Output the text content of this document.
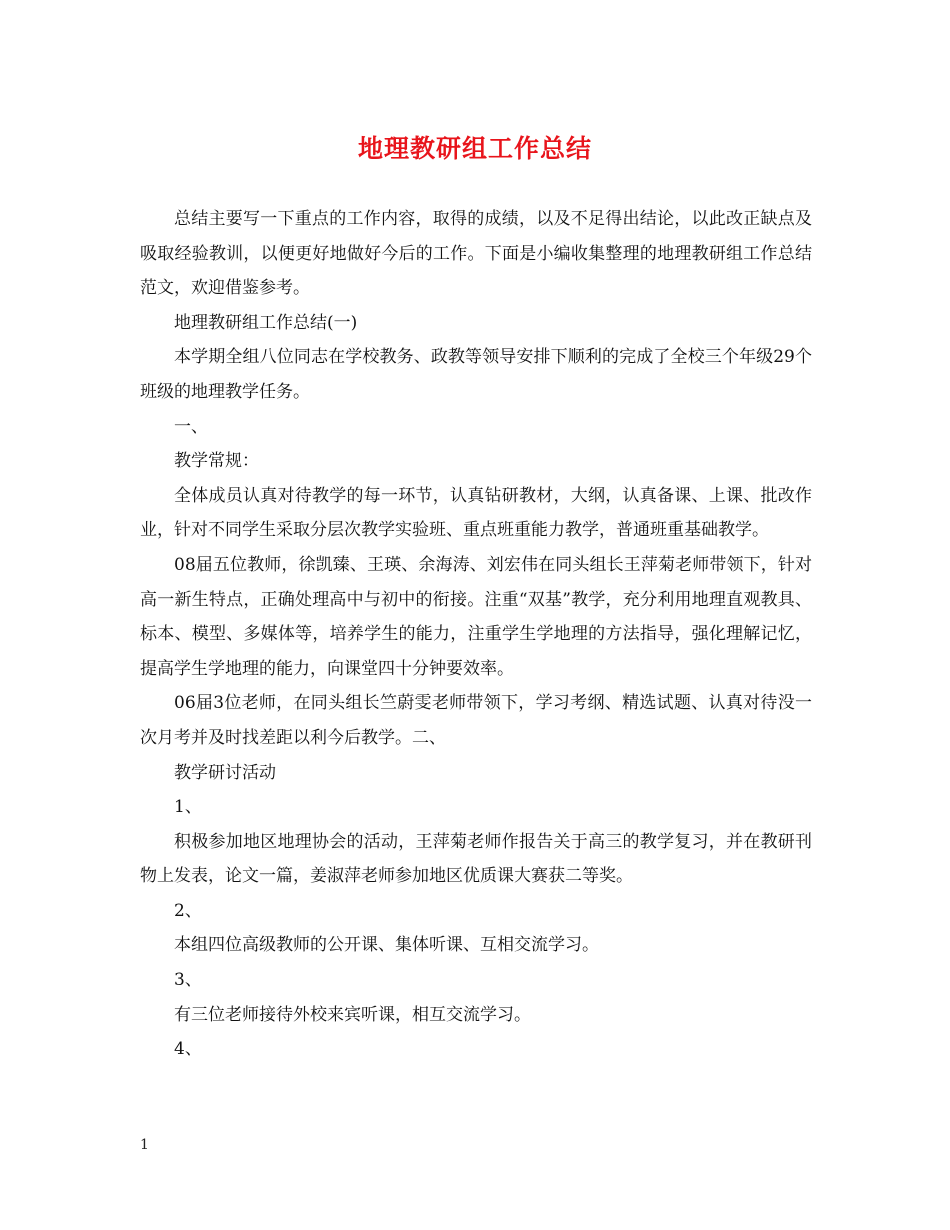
地理教研组工作总结

总结主要写一下重点的工作内容，取得的成绩，以及不足得出结论，以此改正缺点及吸取经验教训，以便更好地做好今后的工作。下面是小编收集整理的地理教研组工作总结范文，欢迎借鉴参考。

地理教研组工作总结(一)

本学期全组八位同志在学校教务、政教等领导安排下顺利的完成了全校三个年级29个班级的地理教学任务。

一、

教学常规：

全体成员认真对待教学的每一环节，认真钻研教材，大纲，认真备课、上课、批改作业，针对不同学生采取分层次教学实验班、重点班重能力教学，普通班重基础教学。

08届五位教师，徐凯臻、王瑛、余海涛、刘宏伟在同头组长王萍菊老师带领下，针对高一新生特点，正确处理高中与初中的衔接。注重“双基”教学，充分利用地理直观教具、标本、模型、多媒体等，培养学生的能力，注重学生学地理的方法指导，强化理解记忆，提高学生学地理的能力，向课堂四十分钟要效率。

06届3位老师，在同头组长竺蔚雯老师带领下，学习考纲、精选试题、认真对待没一次月考并及时找差距以利今后教学。二、

教学研讨活动

1、

积极参加地区地理协会的活动，王萍菊老师作报告关于高三的教学复习，并在教研刊物上发表，论文一篇，姜淑萍老师参加地区优质课大赛获二等奖。

2、

本组四位高级教师的公开课、集体听课、互相交流学习。

3、

有三位老师接待外校来宾听课，相互交流学习。

4、

1
